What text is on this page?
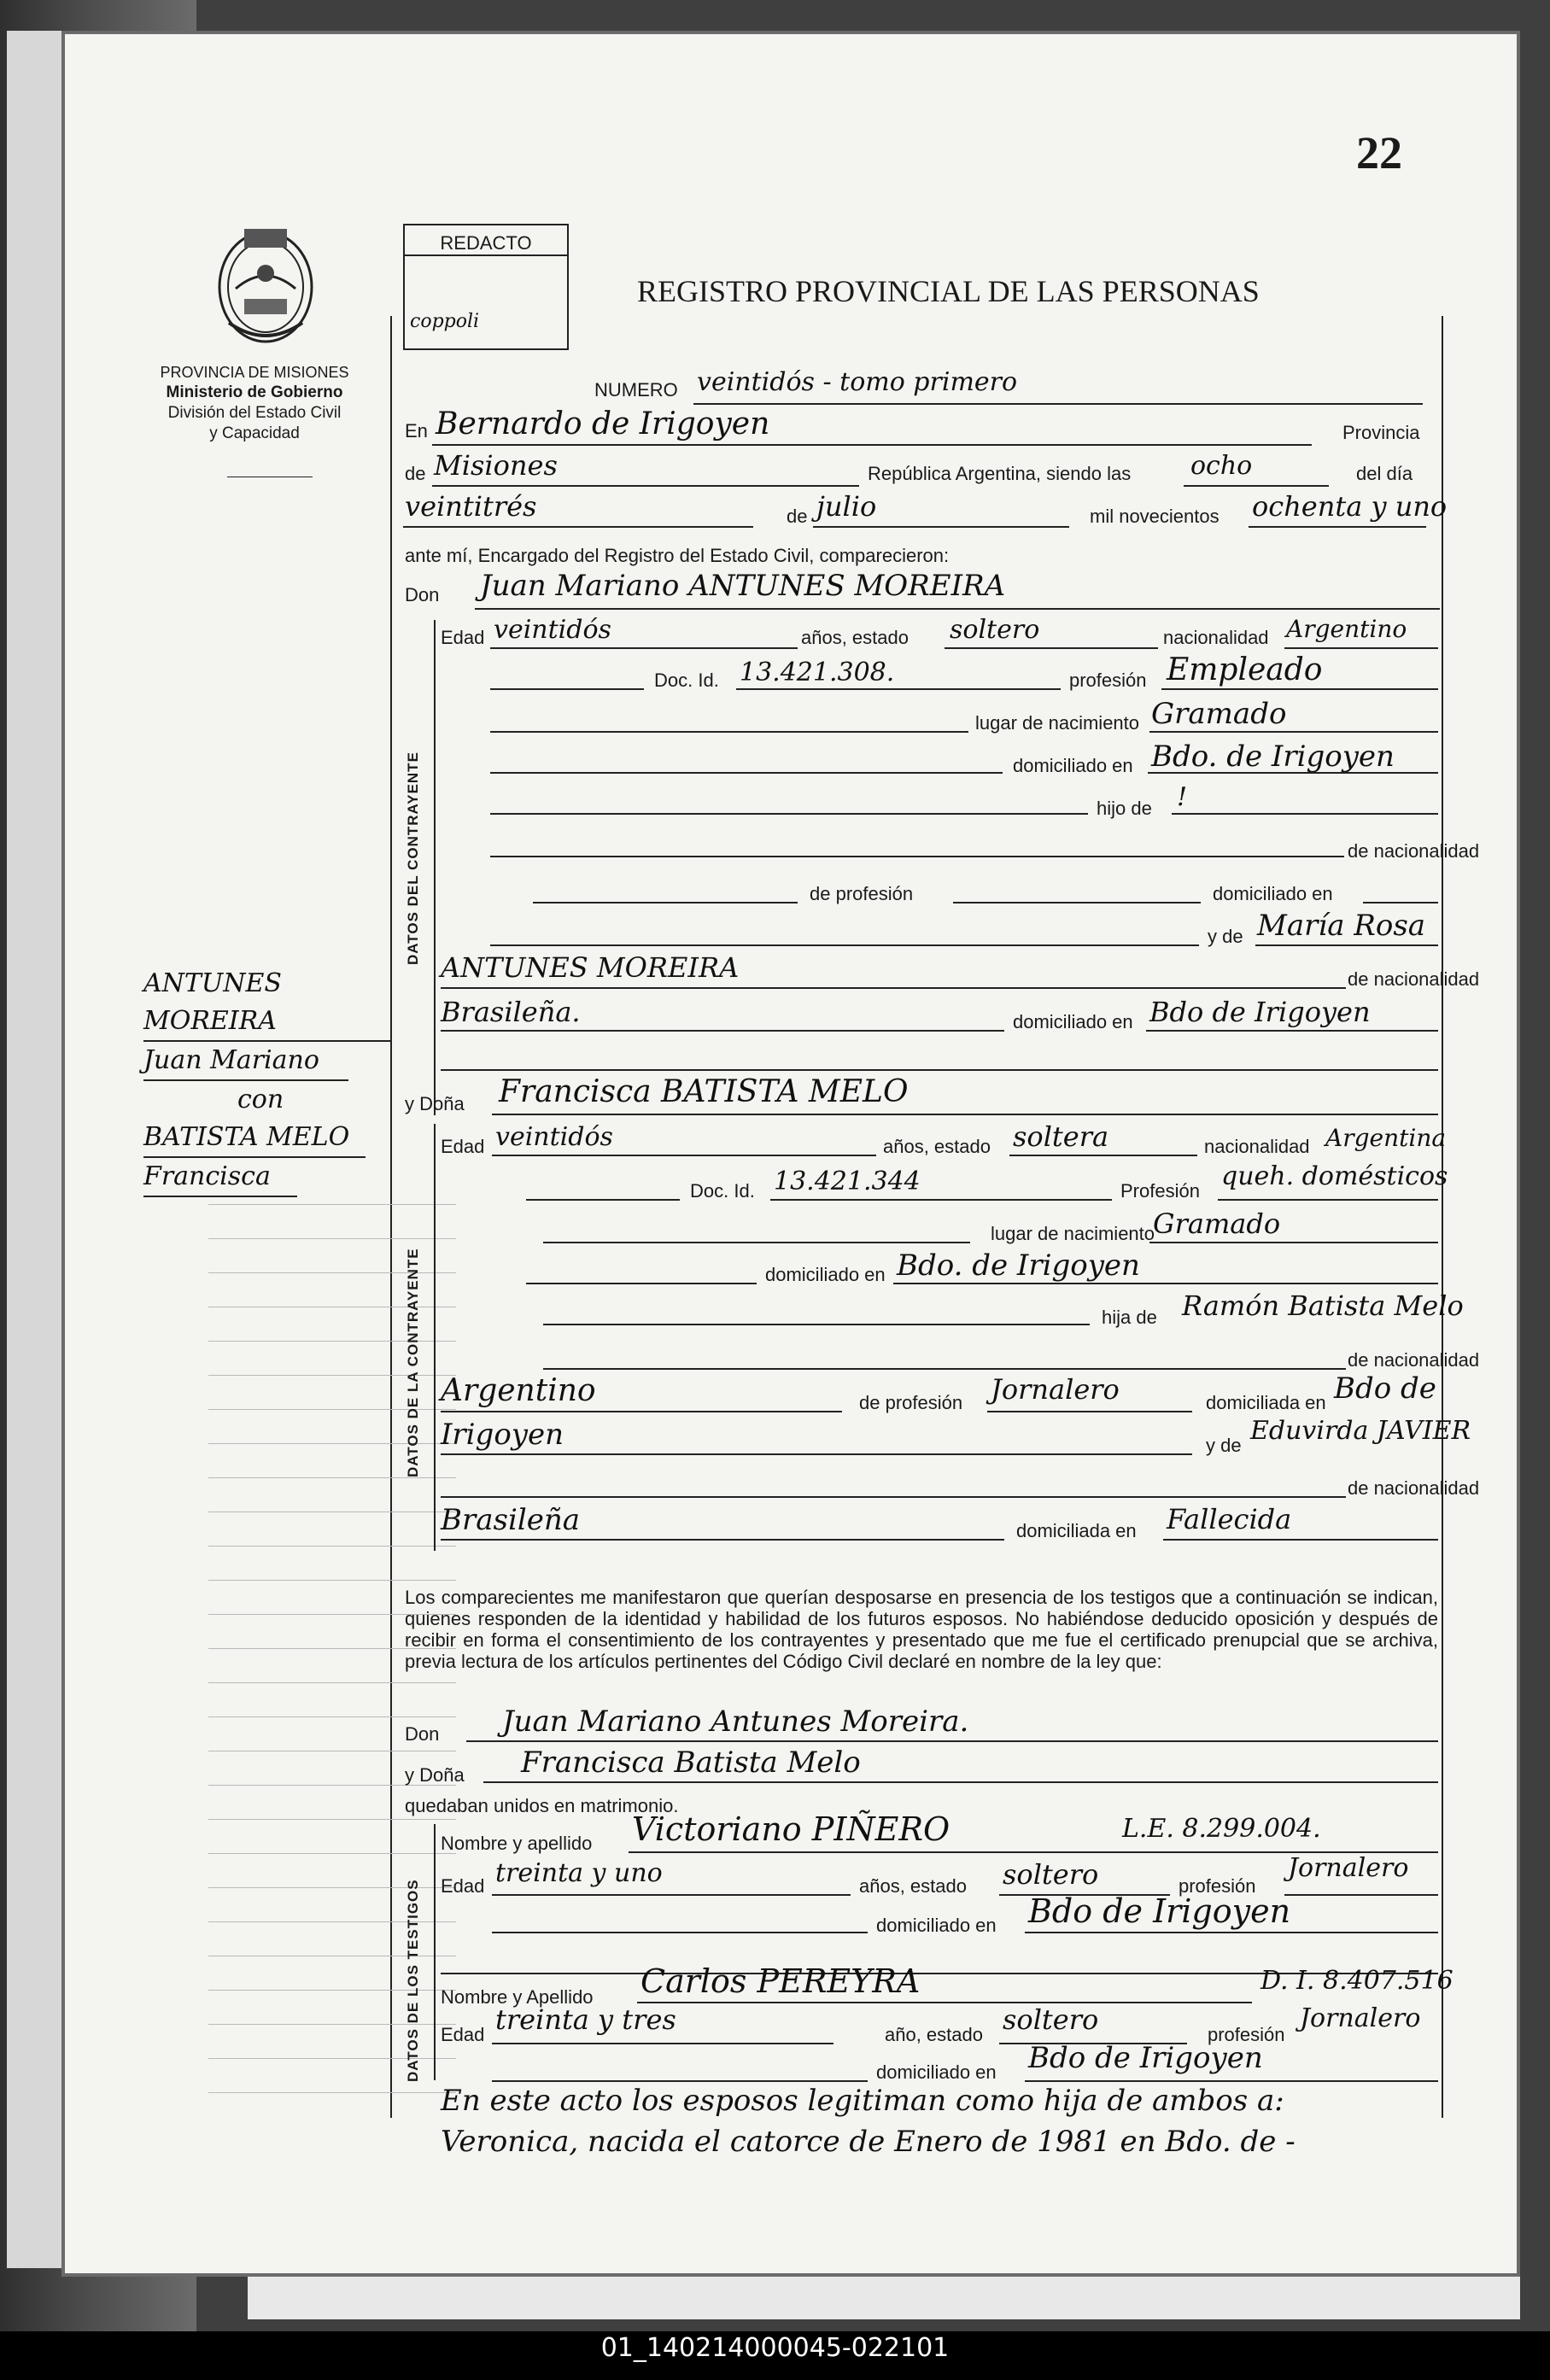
22
PROVINCIA DE MISIONES
Ministerio de Gobierno
División del Estado Civil
y Capacidad
REDACTO
coppoli
REGISTRO PROVINCIAL DE LAS PERSONAS
ANTUNES MOREIRA
Juan Mariano
con
BATISTA MELO
Francisca
NUMERO veintidós - tomo primero
En Bernardo de Irigoyen	Provincia
de Misiones	República Argentina, siendo las ocho	del día
veintitrés	de julio	mil novecientos ochenta y uno
ante mí, Encargado del Registro del Estado Civil, comparecieron:
Don Juan Mariano ANTUNES MOREIRA
DATOS DEL CONTRAYENTE
Edad veintidós	años, estado soltero	nacionalidad Argentino
Doc. Id. 13.421.308.	profesión Empleado
lugar de nacimiento Gramado
domiciliado en Bdo. de Irigoyen
hijo de !
de nacionalidad
de profesión	domiciliado en
y de María Rosa
ANTUNES MOREIRA	de nacionalidad
Brasileña.	domiciliado en Bdo de Irigoyen
y Doña Francisca BATISTA MELO
DATOS DE LA CONTRAYENTE
Edad veintidós	años, estado soltera	nacionalidad Argentina
Doc. Id. 13.421.344	Profesión queh. domésticos
lugar de nacimiento
Gramado
domiciliado en Bdo. de Irigoyen
hija de Ramón Batista Melo
de nacionalidad
Argentino	de profesión Jornalero	domiciliada en Bdo de
Irigoyen	y de Eduvirda JAVIER
de nacionalidad
Brasileña	domiciliada en Fallecida
Los comparecientes me manifestaron que querían desposarse en presencia de los testigos que a continuación se indican, quienes responden de la identidad y habilidad de los futuros esposos. No habiéndose deducido oposición y después de recibir en forma el consentimiento de los contrayentes y presentado que me fue el certificado prenupcial que se archiva, previa lectura de los artículos pertinentes del Código Civil declaré en nombre de la ley que:
Don Juan Mariano Antunes Moreira.
y Doña Francisca Batista Melo
quedaban unidos en matrimonio.
DATOS DE LOS TESTIGOS
Nombre y apellido Victoriano PIÑERO	L.E. 8.299.004.
Edad treinta y uno	años, estado soltero	profesión
Jornalero
domiciliado en Bdo de Irigoyen
Nombre y Apellido Carlos PEREYRA	D. I. 8.407.516
Edad treinta y tres	año, estado soltero	profesión
Jornalero
domiciliado en Bdo de Irigoyen
En este acto los esposos legitiman como hija de ambos a:
Veronica, nacida el catorce de Enero de 1981 en Bdo. de -
01_140214000045-022101
